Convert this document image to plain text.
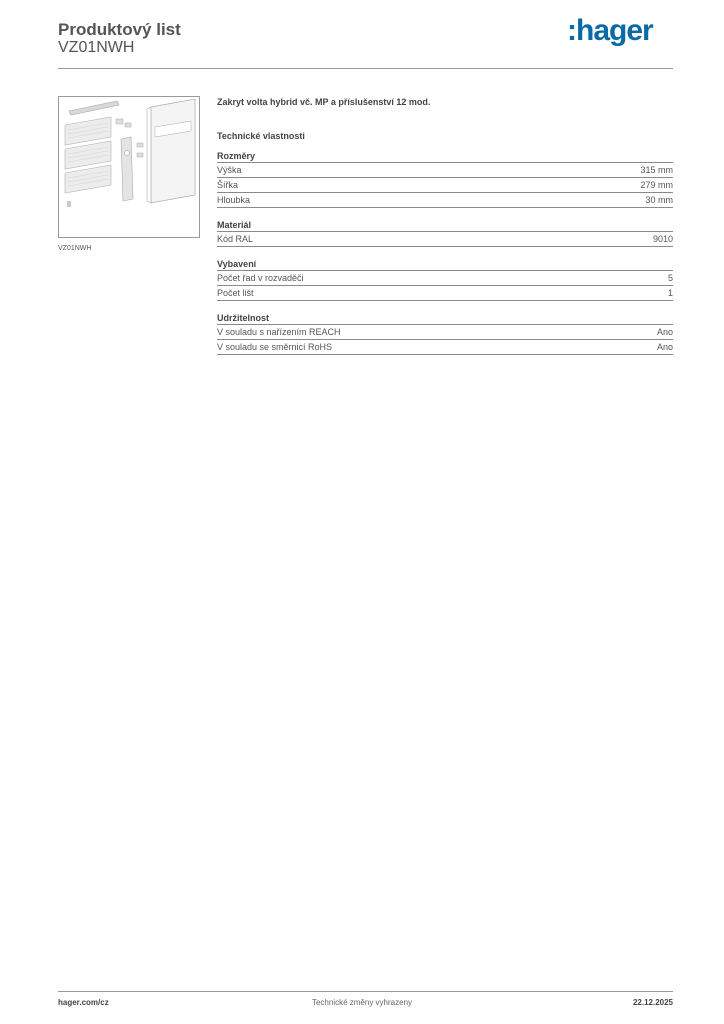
Produktový list
VZ01NWH
:hager
VZ01NWH
Zakryt volta hybrid vč. MP a příslušenství 12 mod.
Technické vlastnosti
Rozměry
Výška	315 mm
Šířka	279 mm
Hloubka	30 mm
Materiál
Kód RAL	9010
Vybavení
Počet řad v rozvaděči	5
Počet lišt	1
Udržitelnost
V souladu s nařízením REACH	Ano
V souladu se směrnicí RoHS	Ano
hager.com/cz	Technické změny vyhrazeny	22.12.2025
